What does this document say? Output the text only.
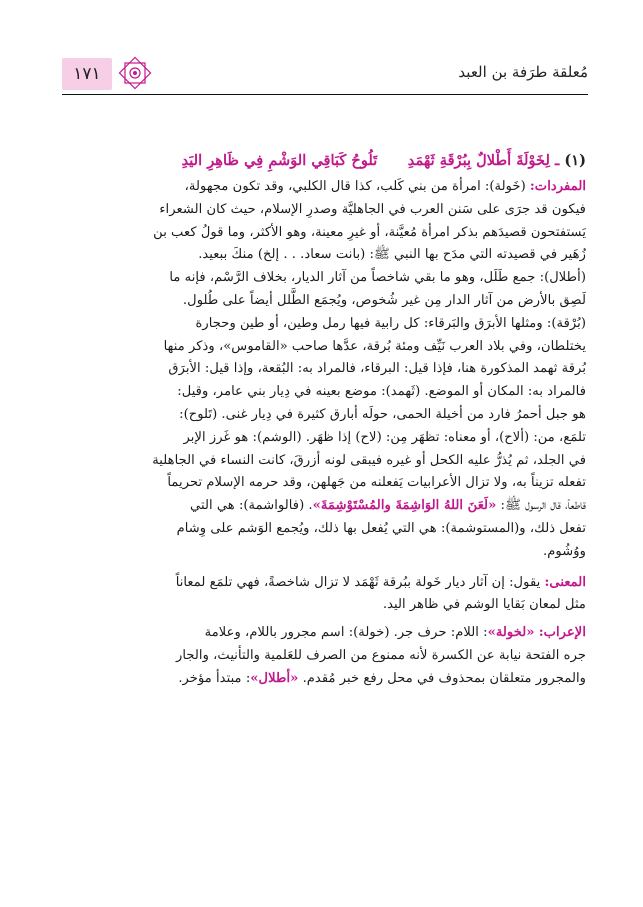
١٧١	مُعلقة طرَفة بن العبد

(١) ـ لِخَوْلَةَ أَطْلالٌ بِبُرْقَةِ ثَهْمَدِ      تَلُوحُ كَبَاقِي الوَشْمِ فِي ظَاهِرِ اليَدِ

المفردات: (خَولة): امرأة من بني كَلب، كذا قال الكلبي، وقد تكون مجهولة،

فيكون قد جرَى على سَنن العرب في الجاهليَّة وصدرِ الإسلام، حيث كان الشعراء

يَستفتحون قصيدَهم بذكر امرأة مُعيَّنة، أو غيرِ معينة، وهو الأكثر، وما قولُ كعب بن

زُهَير في قصيدته التي مدَح بها النبي ﷺ: (بانت سعاد. . . إلخ) منكَ ببعيد.

(أطلال): جمع طَلَل، وهو ما بقي شاخصاً من آثار الديار، بخلاف الرَّسْم، فإنه ما

لَصِق بالأرض من آثار الدار مِن غير شُخوص، ويُجمَع الطَّلل أيضاً على طُلول.

(بُرْقة): ومثلها الأبرَق والبَرقاء: كل رابية فيها رمل وطين، أو طين وحجارة

يختلطان، وفي بلاد العرب نَيِّف ومئة بُرقة، عدَّها صاحب «القاموس»، وذكر منها

بُرقة ثهمد المذكورة هنا، فإذا قيل: البرقاء، فالمراد به: البُقعة، وإذا قيل: الأبرَق

فالمراد به: المكان أو الموضع. (ثَهمد): موضع بعينه في دِيار بني عامر، وقيل:

هو جبل أحمرُ فارد من أخيلة الحمى، حولَه أبارق كثيرة في دِيار غنى. (تَلوح):

تلمَع، من: (ألاح)، أو معناه: تظهَر مِن: (لاح) إذا ظهَر. (الوشم): هو غَرز الإبر

في الجلد، ثم يُذرُّ عليه الكحل أو غيره فيبقى لونه أزرقَ، كانت النساء في الجاهلية

تفعله تزيناً به، ولا تزال الأعرابيات يَفعلنه من جَهلهن، وقد حرمه الإسلام تحريماً

قاطعاً، قال الرسول ﷺ: «لَعَنَ اللهُ الوَاشِمَةَ والمُسْتَوْشِمَةَ». (فالواشمة): هي التي

تفعل ذلك، و(المستوشمة): هي التي يُفعل بها ذلك، ويُجمع الوَشم على وِشام

ووُشُوم.

المعنى: يقول: إن آثار ديار خَولة ببُرقة ثَهْمَد لا تزال شاخصةً، فهي تلمَع لمعاناً

مثل لمعان بَقايا الوشم في ظاهر اليد.

الإعراب: «لخولة»: اللام: حرف جر. (خولة): اسم مجرور باللام، وعلامة

جره الفتحة نيابة عن الكسرة لأنه ممنوع من الصرف للعَلمية والتأنيث، والجار

والمجرور متعلقان بمحذوف في محل رفع خبر مُقدم. «أطلال»: مبتدأ مؤخر.
